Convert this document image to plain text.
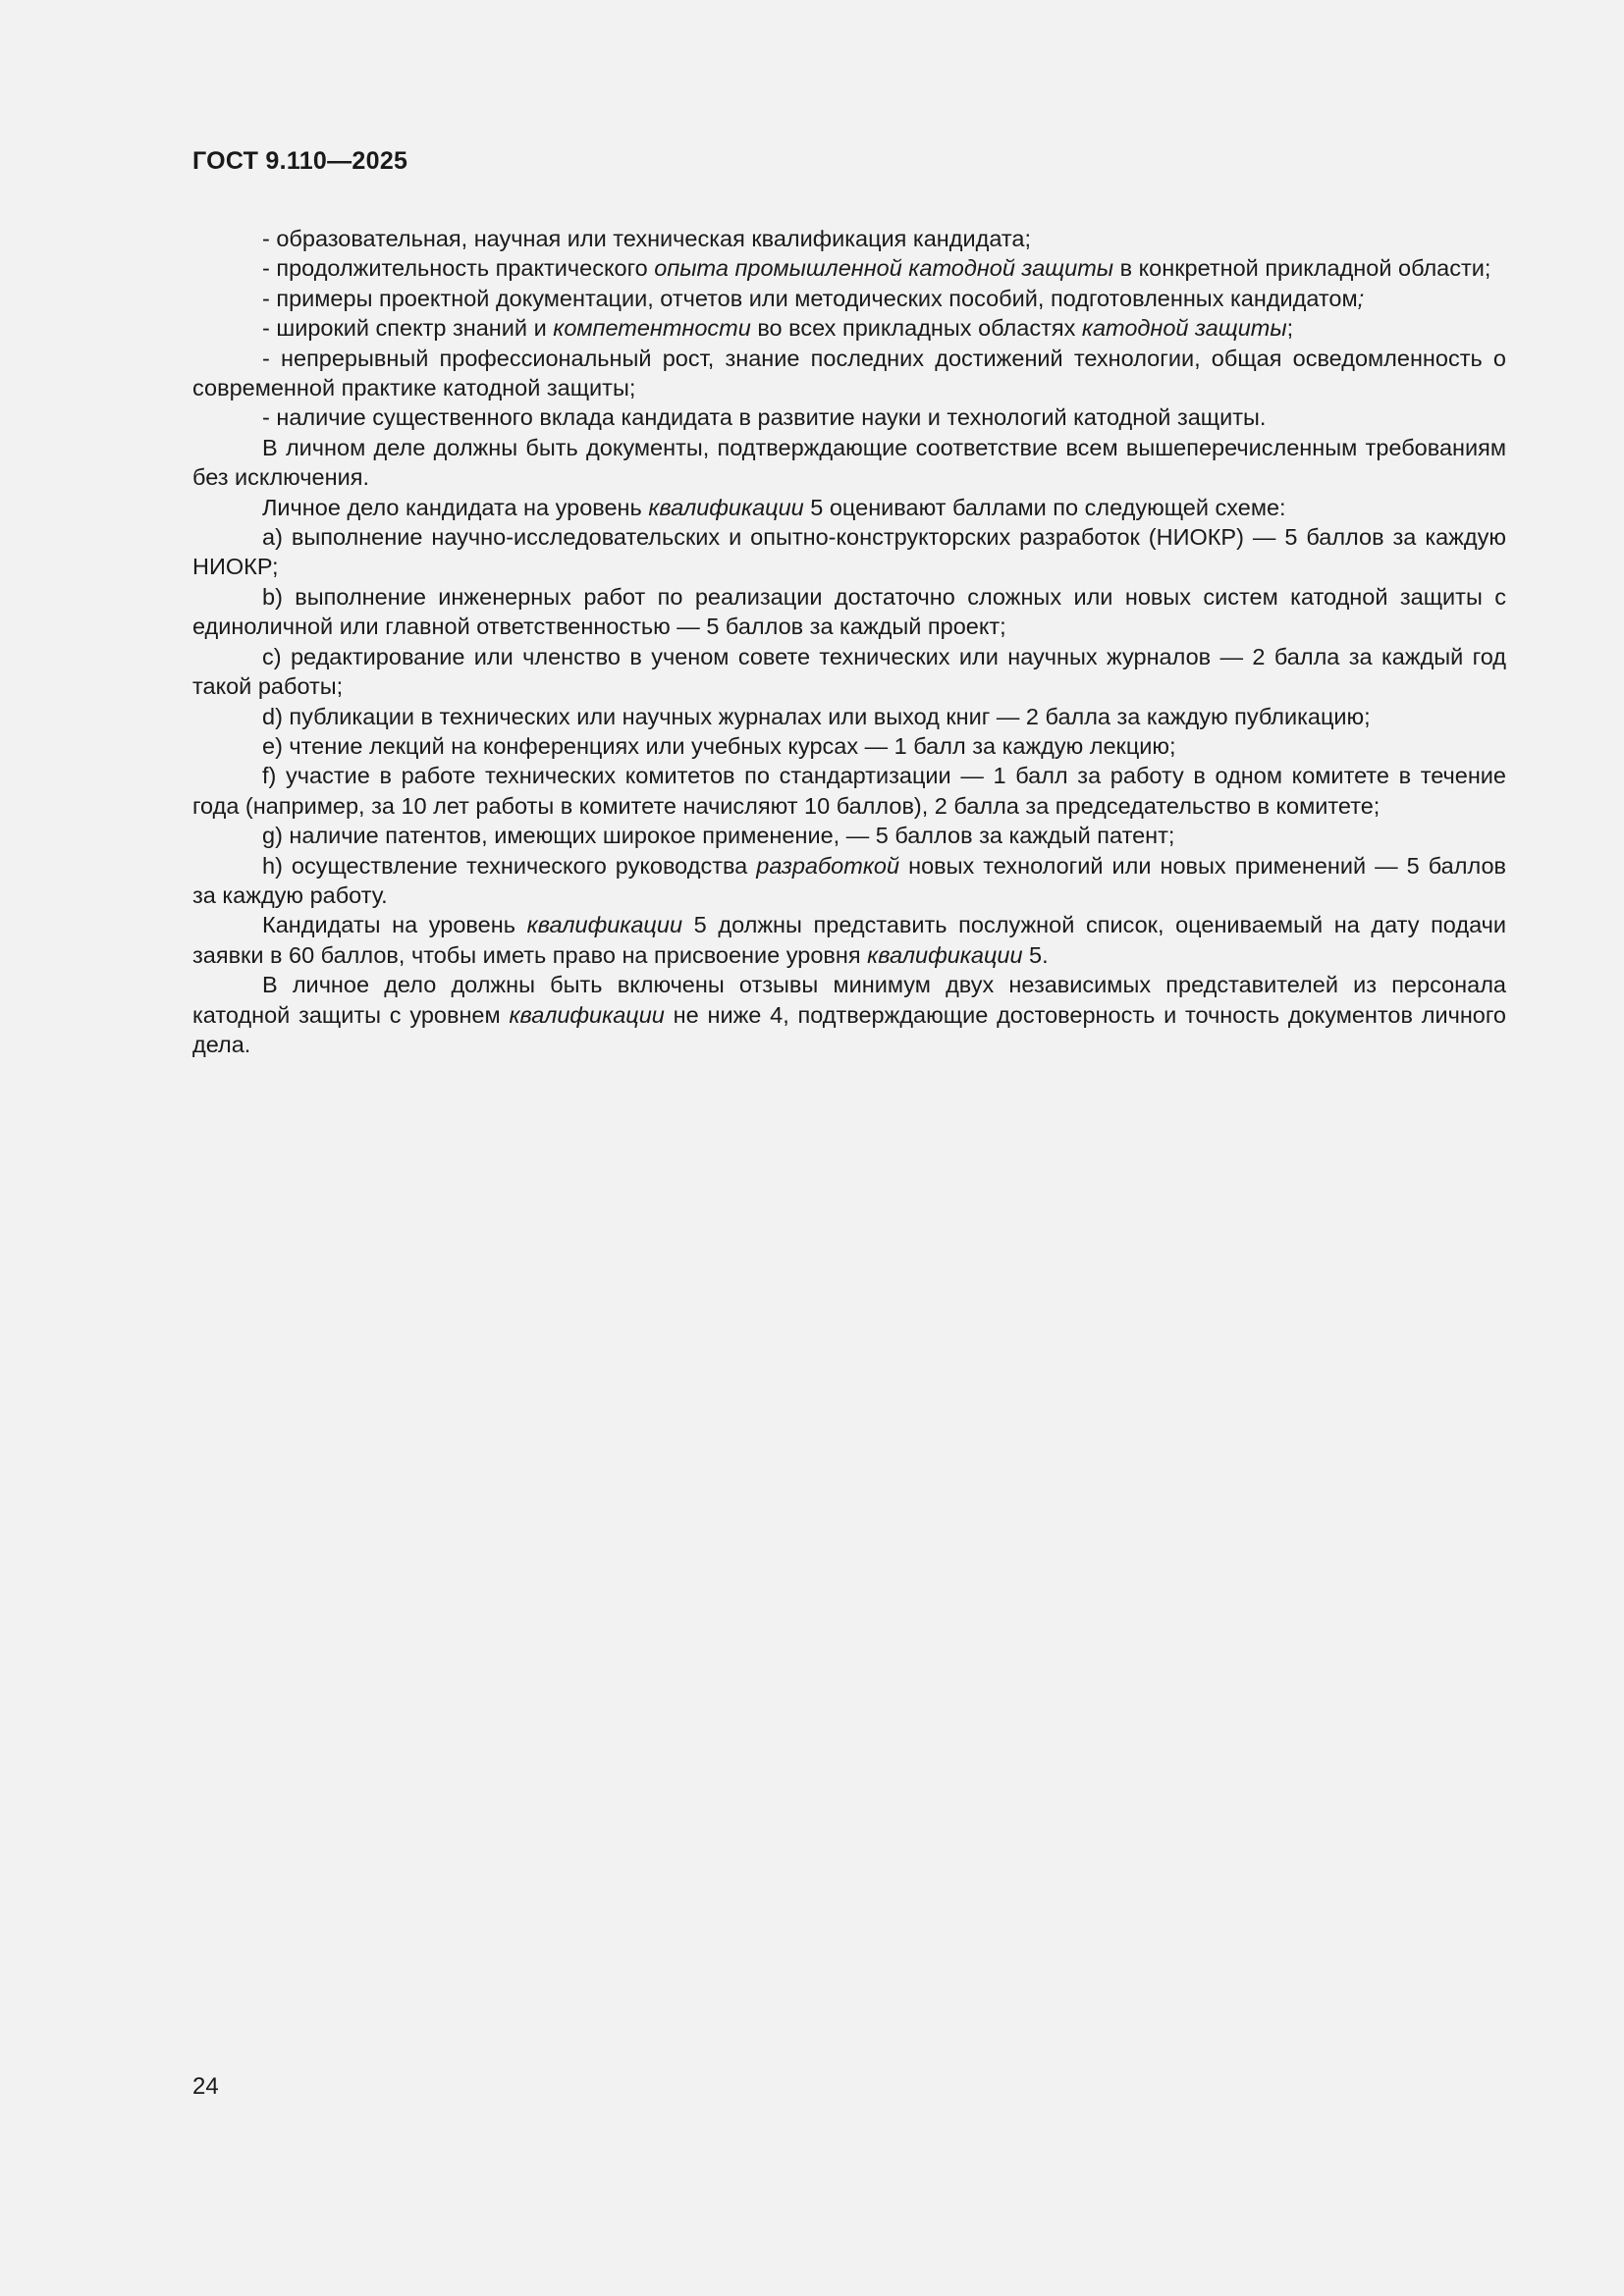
ГОСТ 9.110—2025

- образовательная, научная или техническая квалификация кандидата;

- продолжительность практического опыта промышленной катодной защиты в конкретной прикладной области;

- примеры проектной документации, отчетов или методических пособий, подготовленных кандидатом;

- широкий спектр знаний и компетентности во всех прикладных областях катодной защиты;

- непрерывный профессиональный рост, знание последних достижений технологии, общая осведомленность о современной практике катодной защиты;

- наличие существенного вклада кандидата в развитие науки и технологий катодной защиты.

В личном деле должны быть документы, подтверждающие соответствие всем вышеперечисленным требованиям без исключения.

Личное дело кандидата на уровень квалификации 5 оценивают баллами по следующей схеме:

a) выполнение научно-исследовательских и опытно-конструкторских разработок (НИОКР) — 5 баллов за каждую НИОКР;

b) выполнение инженерных работ по реализации достаточно сложных или новых систем катодной защиты с единоличной или главной ответственностью — 5 баллов за каждый проект;

c) редактирование или членство в ученом совете технических или научных журналов — 2 балла за каждый год такой работы;

d) публикации в технических или научных журналах или выход книг — 2 балла за каждую публикацию;

e) чтение лекций на конференциях или учебных курсах — 1 балл за каждую лекцию;

f) участие в работе технических комитетов по стандартизации — 1 балл за работу в одном комитете в течение года (например, за 10 лет работы в комитете начисляют 10 баллов), 2 балла за председательство в комитете;

g) наличие патентов, имеющих широкое применение, — 5 баллов за каждый патент;

h) осуществление технического руководства разработкой новых технологий или новых применений — 5 баллов за каждую работу.

Кандидаты на уровень квалификации 5 должны представить послужной список, оцениваемый на дату подачи заявки в 60 баллов, чтобы иметь право на присвоение уровня квалификации 5.

В личное дело должны быть включены отзывы минимум двух независимых представителей из персонала катодной защиты с уровнем квалификации не ниже 4, подтверждающие достоверность и точность документов личного дела.

24
